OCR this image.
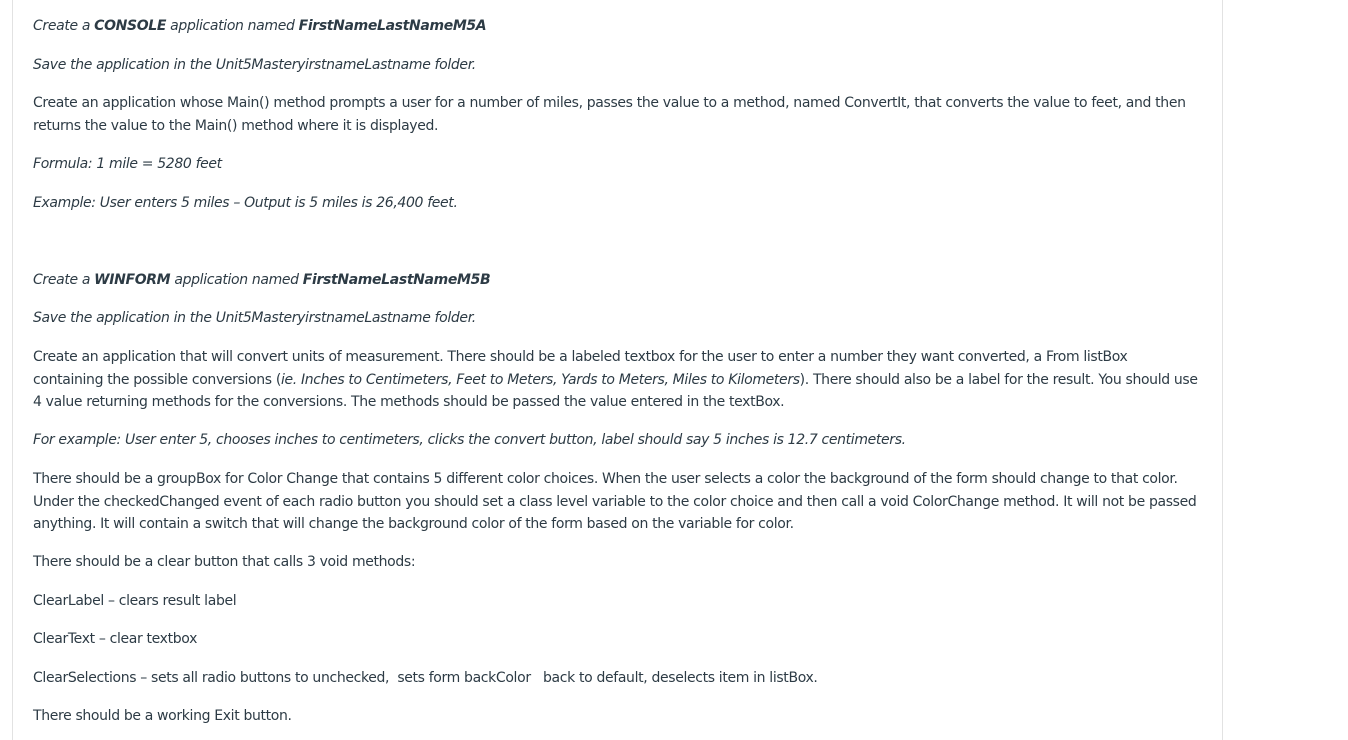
Create a CONSOLE application named FirstNameLastNameM5A

Save the application in the Unit5MasteryirstnameLastname folder.

Create an application whose Main() method prompts a user for a number of miles, passes the value to a method, named ConvertIt, that converts the value to feet, and then returns the value to the Main() method where it is displayed.

Formula: 1 mile = 5280 feet

Example: User enters 5 miles – Output is 5 miles is 26,400 feet.

Create a WINFORM application named FirstNameLastNameM5B

Save the application in the Unit5MasteryirstnameLastname folder.

Create an application that will convert units of measurement. There should be a labeled textbox for the user to enter a number they want converted, a From listBox containing the possible conversions (ie. Inches to Centimeters, Feet to Meters, Yards to Meters, Miles to Kilometers). There should also be a label for the result. You should use 4 value returning methods for the conversions. The methods should be passed the value entered in the textBox.

For example: User enter 5, chooses inches to centimeters, clicks the convert button, label should say 5 inches is 12.7 centimeters.

There should be a groupBox for Color Change that contains 5 different color choices. When the user selects a color the background of the form should change to that color. Under the checkedChanged event of each radio button you should set a class level variable to the color choice and then call a void ColorChange method. It will not be passed anything. It will contain a switch that will change the background color of the form based on the variable for color.

There should be a clear button that calls 3 void methods:

ClearLabel – clears result label

ClearText – clear textbox

ClearSelections – sets all radio buttons to unchecked,  sets form backColor   back to default, deselects item in listBox.

There should be a working Exit button.
